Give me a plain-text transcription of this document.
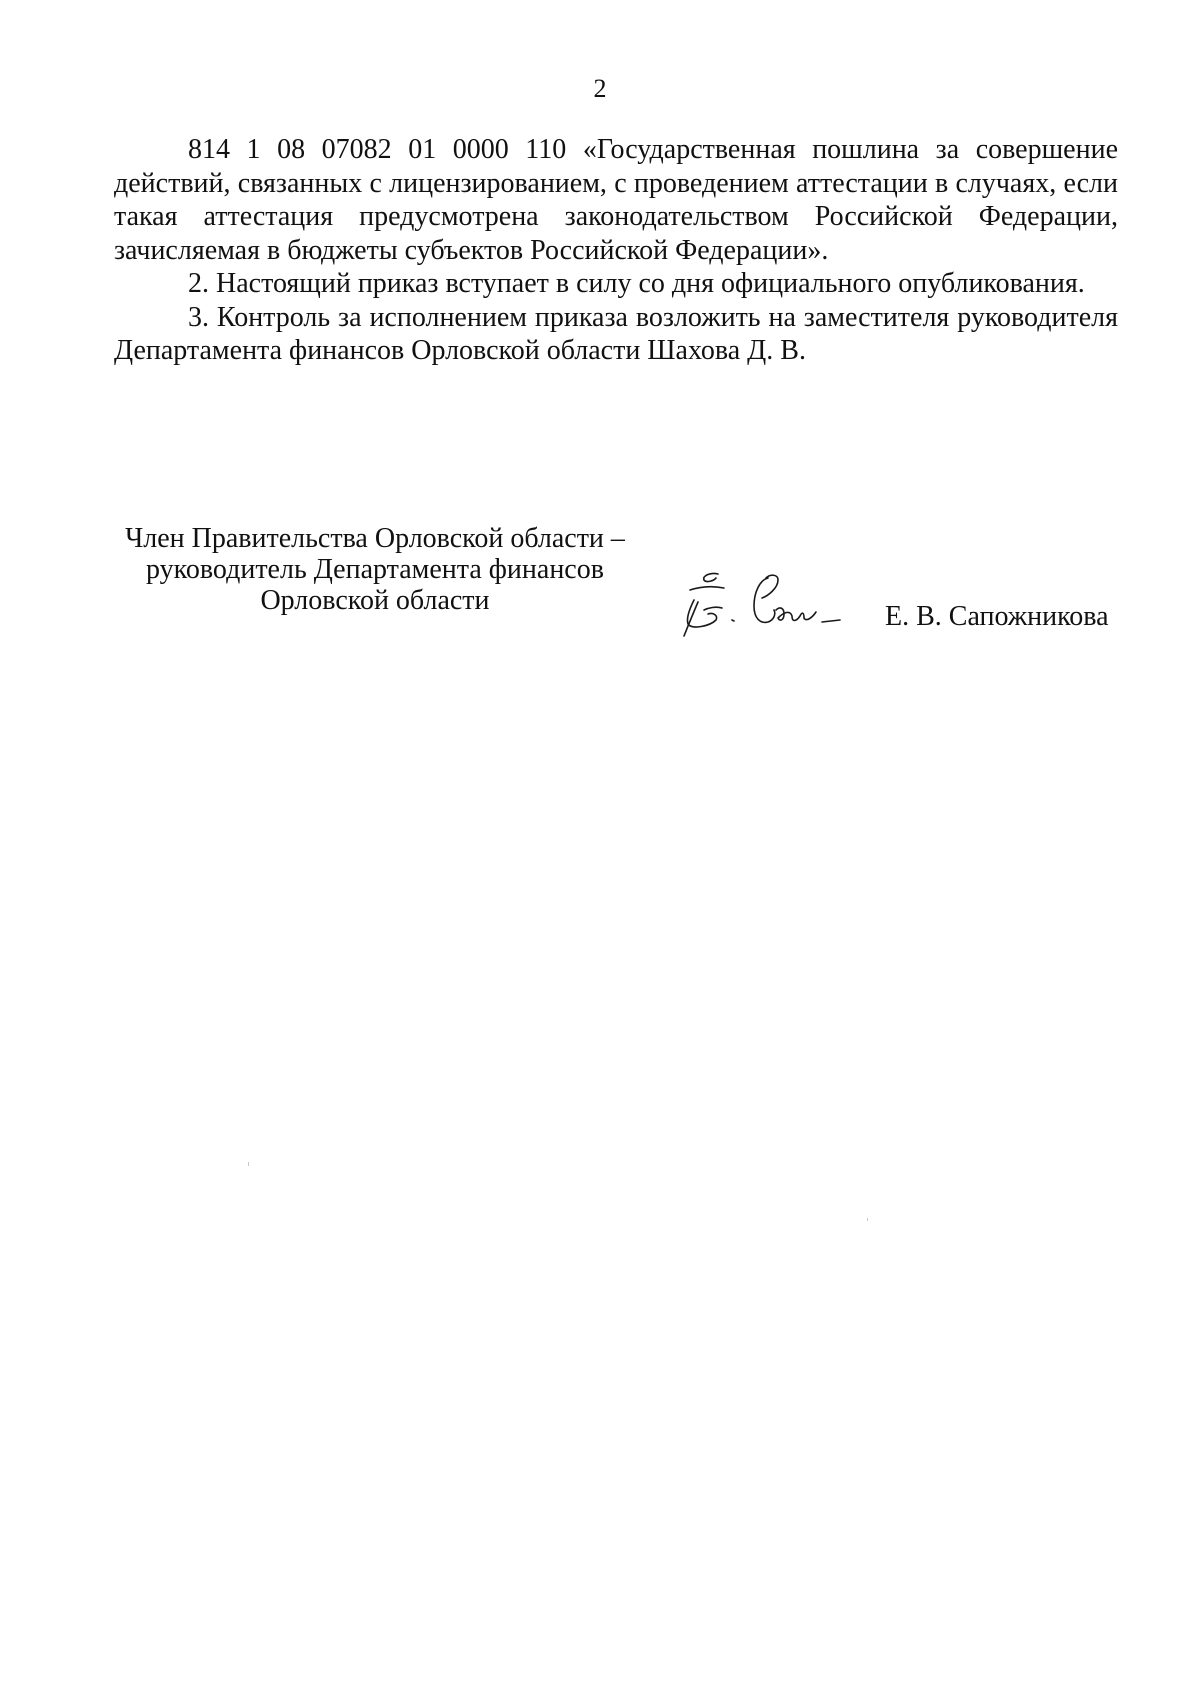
2

814 1 08 07082 01 0000 110 «Государственная пошлина за совершение действий, связанных с лицензированием, с проведением аттестации в случаях, если такая аттестация предусмотрена законодательством Российской Федерации, зачисляемая в бюджеты субъектов Российской Федерации».

2. Настоящий приказ вступает в силу со дня официального опубликования.

3. Контроль за исполнением приказа возложить на заместителя руководителя Департамента финансов Орловской области Шахова Д. В.

Член Правительства Орловской области –
руководитель Департамента финансов
Орловской области
Е. В. Сапожникова
